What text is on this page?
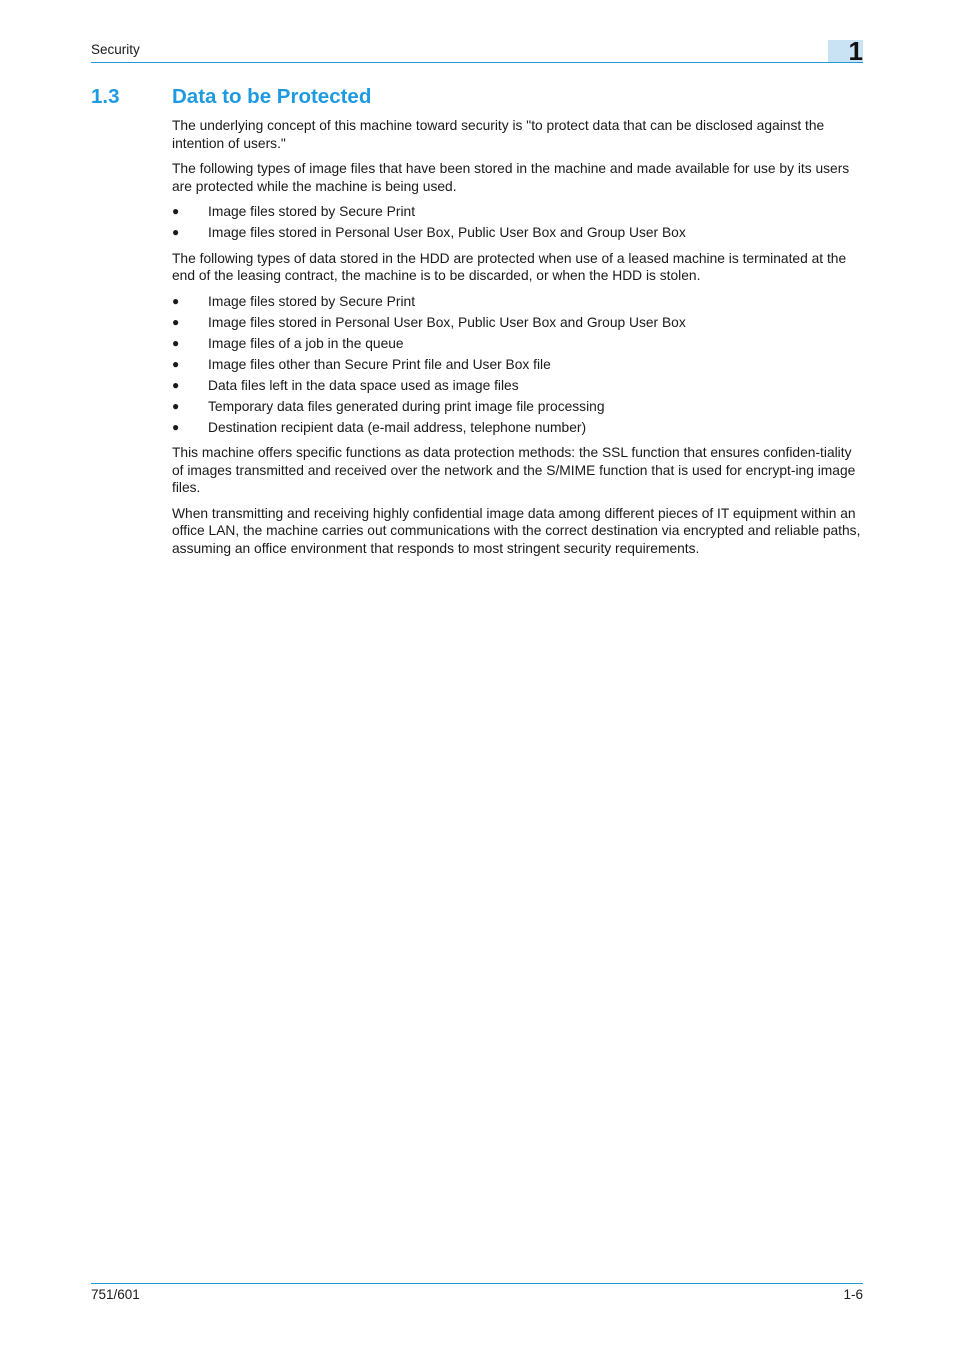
Security	1
1.3	Data to be Protected

The underlying concept of this machine toward security is "to protect data that can be disclosed against the intention of users."

The following types of image files that have been stored in the machine and made available for use by its users are protected while the machine is being used.

● Image files stored by Secure Print
● Image files stored in Personal User Box, Public User Box and Group User Box

The following types of data stored in the HDD are protected when use of a leased machine is terminated at the end of the leasing contract, the machine is to be discarded, or when the HDD is stolen.

● Image files stored by Secure Print
● Image files stored in Personal User Box, Public User Box and Group User Box
● Image files of a job in the queue
● Image files other than Secure Print file and User Box file
● Data files left in the data space used as image files
● Temporary data files generated during print image file processing
● Destination recipient data (e-mail address, telephone number)

This machine offers specific functions as data protection methods: the SSL function that ensures confiden-tiality of images transmitted and received over the network and the S/MIME function that is used for encrypt-ing image files.

When transmitting and receiving highly confidential image data among different pieces of IT equipment within an office LAN, the machine carries out communications with the correct destination via encrypted and reliable paths, assuming an office environment that responds to most stringent security requirements.

751/601	1-6
